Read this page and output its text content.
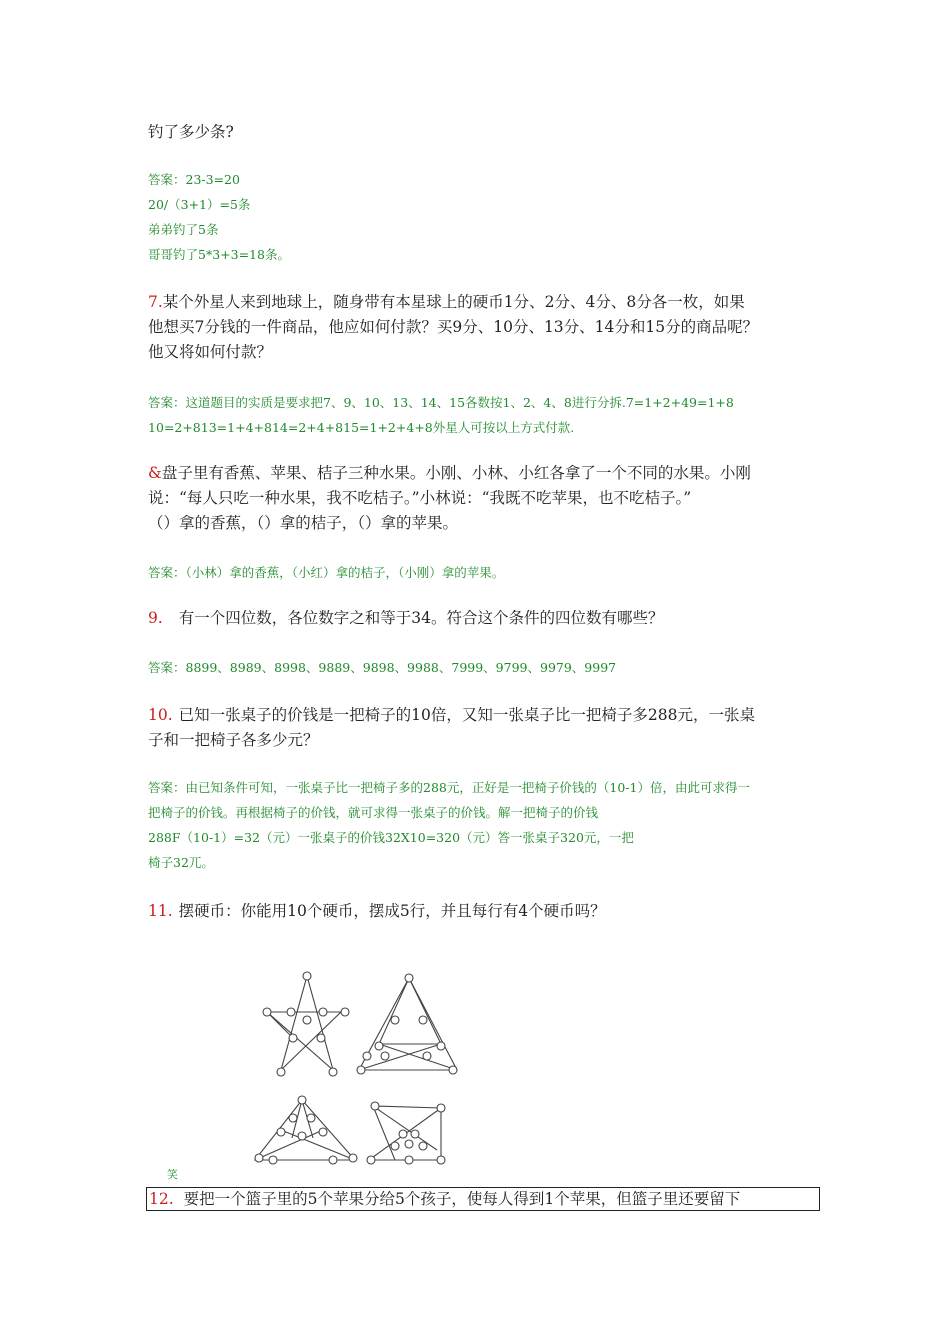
钓了多少条?
答案：23-3=20
20/（3+1）=5条
弟弟钓了5条
哥哥钓了5*3+3=18条。
7.某个外星人来到地球上，随身带有本星球上的硬币1分、2分、4分、8分各一枚，如果
他想买7分钱的一件商品，他应如何付款？买9分、10分、13分、14分和15分的商品呢？
他又将如何付款？
答案：这道题目的实质是要求把7、9、10、13、14、15各数按1、2、4、8进行分拆.7=1+2+49=1+8
10=2+813=1+4+814=2+4+815=1+2+4+8外星人可按以上方式付款.
&盘子里有香蕉、苹果、桔子三种水果。小刚、小林、小红各拿了一个不同的水果。小刚
说：“每人只吃一种水果，我不吃桔子。”小林说：“我既不吃苹果，也不吃桔子。”
（）拿的香蕉，（）拿的桔子，（）拿的苹果。
答案：（小林）拿的香蕉，（小红）拿的桔子，（小刚）拿的苹果。
9. 有一个四位数，各位数字之和等于34。符合这个条件的四位数有哪些？
答案：8899、8989、8998、9889、9898、9988、7999、9799、9979、9997
10. 已知一张桌子的价钱是一把椅子的10倍，又知一张桌子比一把椅子多288元，一张桌
子和一把椅子各多少元？
答案：由已知条件可知，一张桌子比一把椅子多的288元，正好是一把椅子价钱的（10-1）倍，由此可求得一
把椅子的价钱。再根据椅子的价钱，就可求得一张桌子的价钱。解一把椅子的价钱
288F（10-1）=32（元）一张桌子的价钱32X10=320（元）答一张桌子320元，一把
椅子32兀。
11. 摆硬币：你能用10个硬币，摆成5行，并且每行有4个硬币吗？
笑
12. 要把一个篮子里的5个苹果分给5个孩子，使每人得到1个苹果，但篮子里还要留下
